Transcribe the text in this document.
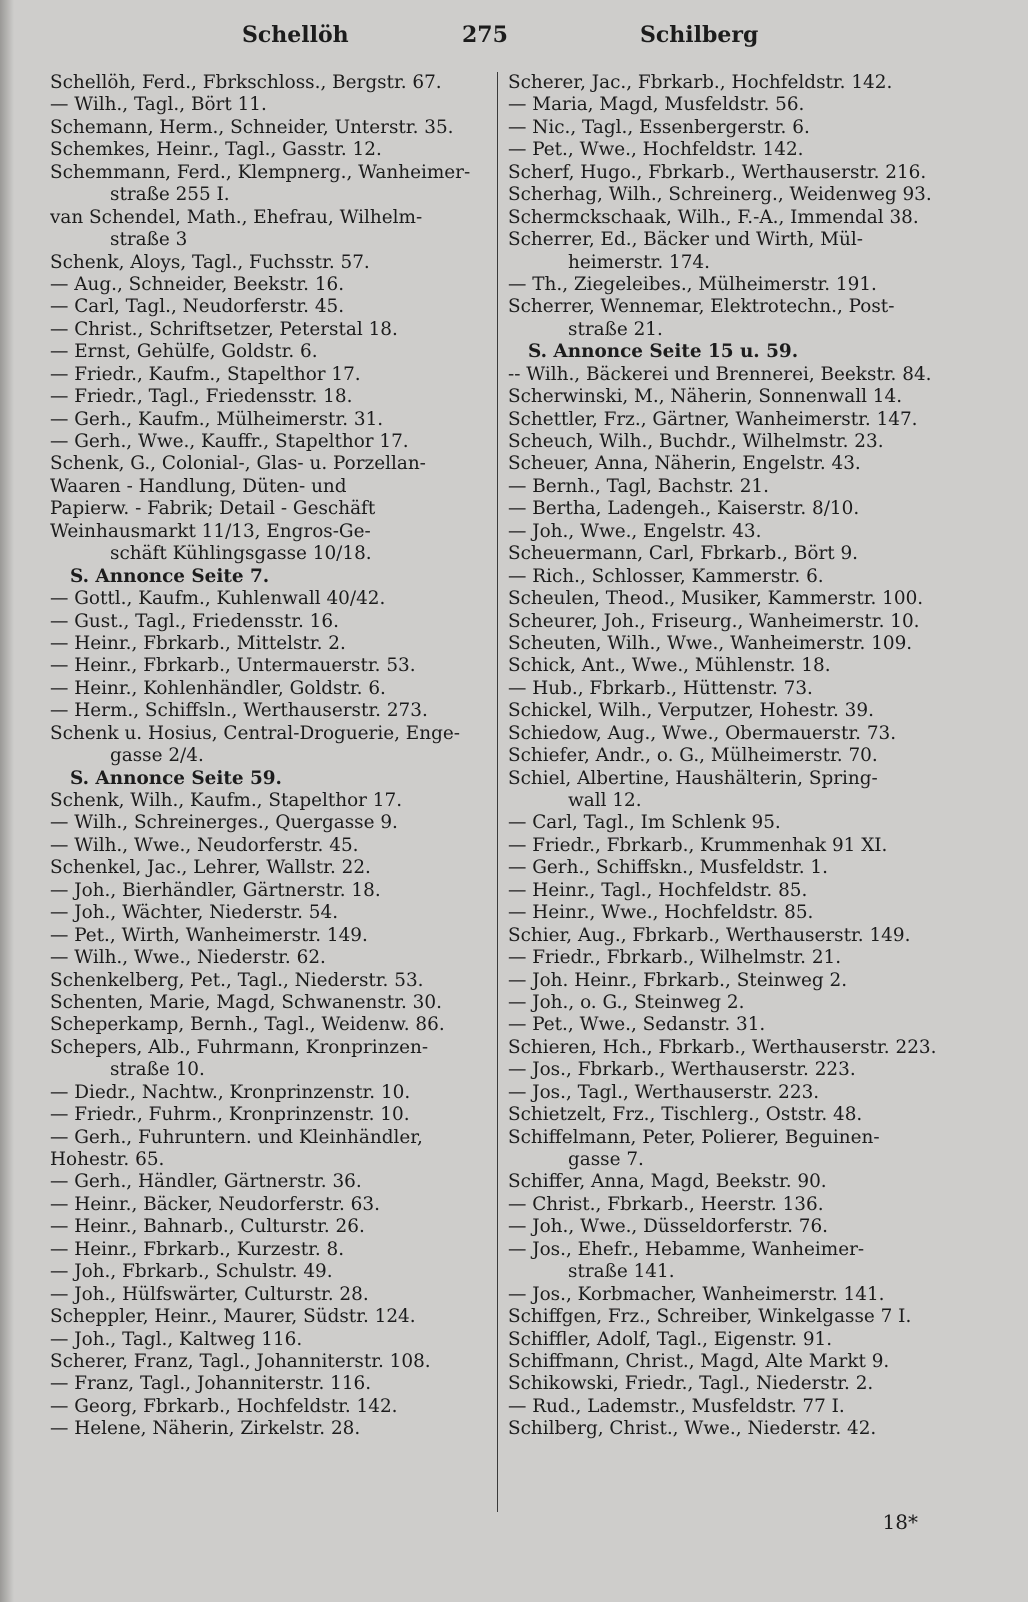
Schellöh	275	Schilberg
Schellöh, Ferd., Fbrkschloss., Bergstr. 67.
— Wilh., Tagl., Bört 11.
Schemann, Herm., Schneider, Unterstr. 35.
Schemkes, Heinr., Tagl., Gasstr. 12.
Schemmann, Ferd., Klempnerg., Wanheimer-
straße 255 I.
van Schendel, Math., Ehefrau, Wilhelm-
straße 3
Schenk, Aloys, Tagl., Fuchsstr. 57.
— Aug., Schneider, Beekstr. 16.
— Carl, Tagl., Neudorferstr. 45.
— Christ., Schriftsetzer, Peterstal 18.
— Ernst, Gehülfe, Goldstr. 6.
— Friedr., Kaufm., Stapelthor 17.
— Friedr., Tagl., Friedensstr. 18.
— Gerh., Kaufm., Mülheimerstr. 31.
— Gerh., Wwe., Kauffr., Stapelthor 17.
Schenk, G., Colonial-, Glas- u. Porzellan-
Waaren - Handlung, Düten- und
Papierw. - Fabrik; Detail - Geschäft
Weinhausmarkt 11/13, Engros-Ge-
schäft Kühlingsgasse 10/18.
S. Annonce Seite 7.
— Gottl., Kaufm., Kuhlenwall 40/42.
— Gust., Tagl., Friedensstr. 16.
— Heinr., Fbrkarb., Mittelstr. 2.
— Heinr., Fbrkarb., Untermauerstr. 53.
— Heinr., Kohlenhändler, Goldstr. 6.
— Herm., Schiffsln., Werthauserstr. 273.
Schenk u. Hosius, Central-Droguerie, Enge-
gasse 2/4.
S. Annonce Seite 59.
Schenk, Wilh., Kaufm., Stapelthor 17.
— Wilh., Schreinerges., Quergasse 9.
— Wilh., Wwe., Neudorferstr. 45.
Schenkel, Jac., Lehrer, Wallstr. 22.
— Joh., Bierhändler, Gärtnerstr. 18.
— Joh., Wächter, Niederstr. 54.
— Pet., Wirth, Wanheimerstr. 149.
— Wilh., Wwe., Niederstr. 62.
Schenkelberg, Pet., Tagl., Niederstr. 53.
Schenten, Marie, Magd, Schwanenstr. 30.
Scheperkamp, Bernh., Tagl., Weidenw. 86.
Schepers, Alb., Fuhrmann, Kronprinzen-
straße 10.
— Diedr., Nachtw., Kronprinzenstr. 10.
— Friedr., Fuhrm., Kronprinzenstr. 10.
— Gerh., Fuhruntern. und Kleinhändler,
Hohestr. 65.
— Gerh., Händler, Gärtnerstr. 36.
— Heinr., Bäcker, Neudorferstr. 63.
— Heinr., Bahnarb., Culturstr. 26.
— Heinr., Fbrkarb., Kurzestr. 8.
— Joh., Fbrkarb., Schulstr. 49.
— Joh., Hülfswärter, Culturstr. 28.
Scheppler, Heinr., Maurer, Südstr. 124.
— Joh., Tagl., Kaltweg 116.
Scherer, Franz, Tagl., Johanniterstr. 108.
— Franz, Tagl., Johanniterstr. 116.
— Georg, Fbrkarb., Hochfeldstr. 142.
— Helene, Näherin, Zirkelstr. 28.
Scherer, Jac., Fbrkarb., Hochfeldstr. 142.
— Maria, Magd, Musfeldstr. 56.
— Nic., Tagl., Essenbergerstr. 6.
— Pet., Wwe., Hochfeldstr. 142.
Scherf, Hugo., Fbrkarb., Werthauserstr. 216.
Scherhag, Wilh., Schreinerg., Weidenweg 93.
Schermckschaak, Wilh., F.-A., Immendal 38.
Scherrer, Ed., Bäcker und Wirth, Mül-
heimerstr. 174.
— Th., Ziegeleibes., Mülheimerstr. 191.
Scherrer, Wennemar, Elektrotechn., Post-
straße 21.
S. Annonce Seite 15 u. 59.
-- Wilh., Bäckerei und Brennerei, Beekstr. 84.
Scherwinski, M., Näherin, Sonnenwall 14.
Schettler, Frz., Gärtner, Wanheimerstr. 147.
Scheuch, Wilh., Buchdr., Wilhelmstr. 23.
Scheuer, Anna, Näherin, Engelstr. 43.
— Bernh., Tagl, Bachstr. 21.
— Bertha, Ladengeh., Kaiserstr. 8/10.
— Joh., Wwe., Engelstr. 43.
Scheuermann, Carl, Fbrkarb., Bört 9.
— Rich., Schlosser, Kammerstr. 6.
Scheulen, Theod., Musiker, Kammerstr. 100.
Scheurer, Joh., Friseurg., Wanheimerstr. 10.
Scheuten, Wilh., Wwe., Wanheimerstr. 109.
Schick, Ant., Wwe., Mühlenstr. 18.
— Hub., Fbrkarb., Hüttenstr. 73.
Schickel, Wilh., Verputzer, Hohestr. 39.
Schiedow, Aug., Wwe., Obermauerstr. 73.
Schiefer, Andr., o. G., Mülheimerstr. 70.
Schiel, Albertine, Haushälterin, Spring-
wall 12.
— Carl, Tagl., Im Schlenk 95.
— Friedr., Fbrkarb., Krummenhak 91 XI.
— Gerh., Schiffskn., Musfeldstr. 1.
— Heinr., Tagl., Hochfeldstr. 85.
— Heinr., Wwe., Hochfeldstr. 85.
Schier, Aug., Fbrkarb., Werthauserstr. 149.
— Friedr., Fbrkarb., Wilhelmstr. 21.
— Joh. Heinr., Fbrkarb., Steinweg 2.
— Joh., o. G., Steinweg 2.
— Pet., Wwe., Sedanstr. 31.
Schieren, Hch., Fbrkarb., Werthauserstr. 223.
— Jos., Fbrkarb., Werthauserstr. 223.
— Jos., Tagl., Werthauserstr. 223.
Schietzelt, Frz., Tischlerg., Oststr. 48.
Schiffelmann, Peter, Polierer, Beguinen-
gasse 7.
Schiffer, Anna, Magd, Beekstr. 90.
— Christ., Fbrkarb., Heerstr. 136.
— Joh., Wwe., Düsseldorferstr. 76.
— Jos., Ehefr., Hebamme, Wanheimer-
straße 141.
— Jos., Korbmacher, Wanheimerstr. 141.
Schiffgen, Frz., Schreiber, Winkelgasse 7 I.
Schiffler, Adolf, Tagl., Eigenstr. 91.
Schiffmann, Christ., Magd, Alte Markt 9.
Schikowski, Friedr., Tagl., Niederstr. 2.
— Rud., Lademstr., Musfeldstr. 77 I.
Schilberg, Christ., Wwe., Niederstr. 42.
18*
